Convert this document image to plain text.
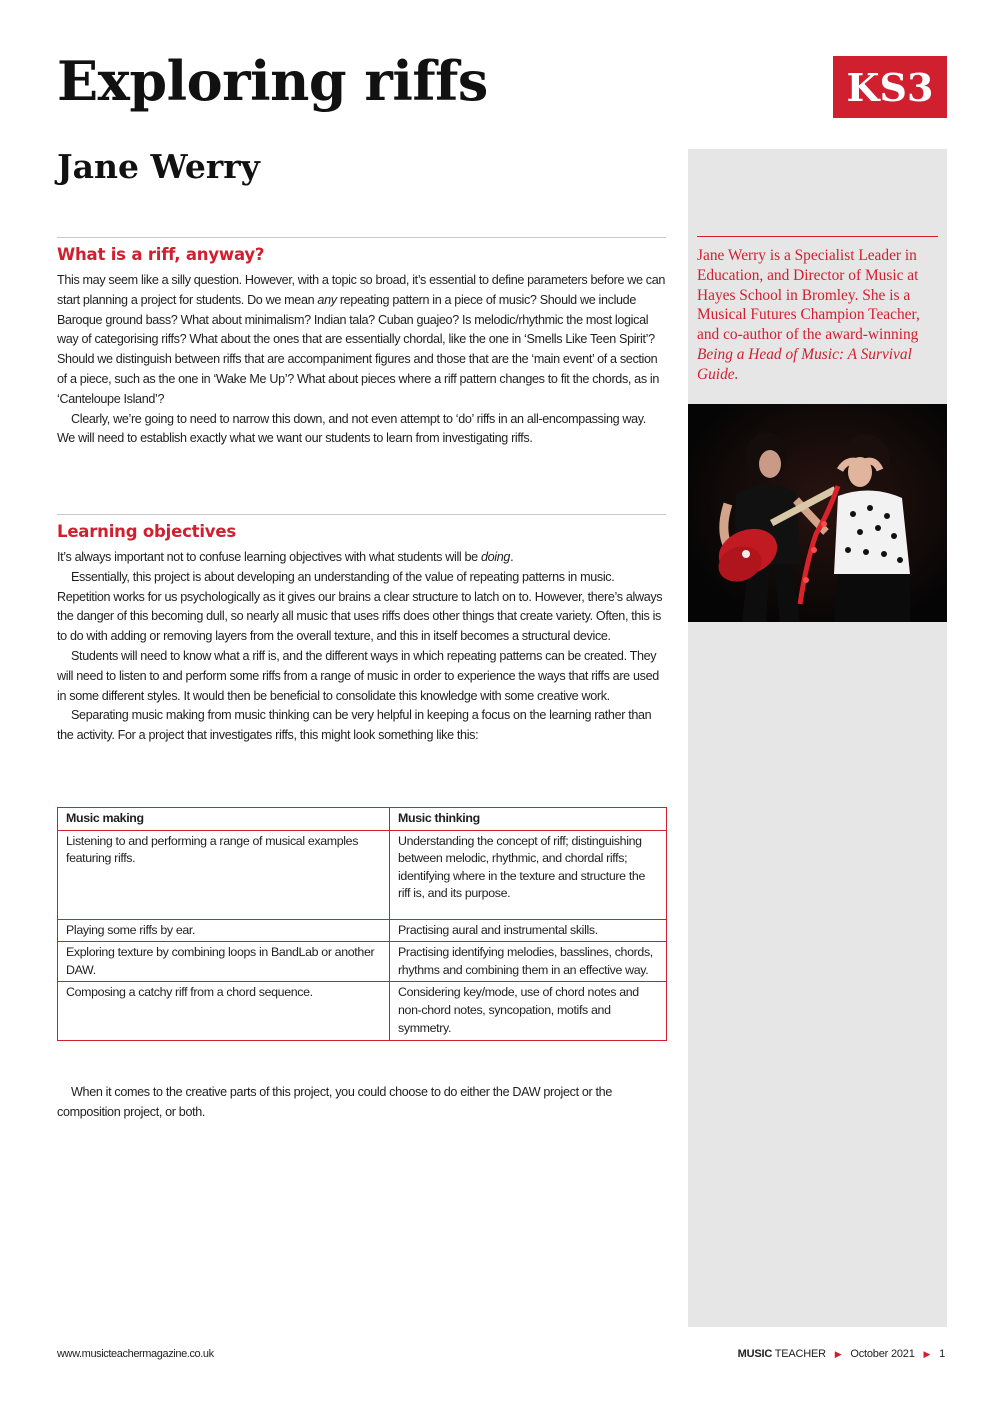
Exploring riffs
Jane Werry
KS3

Jane Werry is a Specialist Leader in Education, and Director of Music at Hayes School in Bromley. She is a Musical Futures Champion Teacher, and co-author of the award-winning Being a Head of Music: A Survival Guide.

What is a riff, anyway?

This may seem like a silly question. However, with a topic so broad, it’s essential to define parameters before we can start planning a project for students. Do we mean any repeating pattern in a piece of music? Should we include Baroque ground bass? What about minimalism? Indian tala? Cuban guajeo? Is melodic/rhythmic the most logical way of categorising riffs? What about the ones that are essentially chordal, like the one in ‘Smells Like Teen Spirit’? Should we distinguish between riffs that are accompaniment figures and those that are the ‘main event’ of a section of a piece, such as the one in ‘Wake Me Up’? What about pieces where a riff pattern changes to fit the chords, as in ‘Canteloupe Island’?

Clearly, we’re going to need to narrow this down, and not even attempt to ‘do’ riffs in an all-encompassing way. We will need to establish exactly what we want our students to learn from investigating riffs.

Learning objectives

It’s always important not to confuse learning objectives with what students will be doing.

Essentially, this project is about developing an understanding of the value of repeating patterns in music. Repetition works for us psychologically as it gives our brains a clear structure to latch on to. However, there’s always the danger of this becoming dull, so nearly all music that uses riffs does other things that create variety. Often, this is to do with adding or removing layers from the overall texture, and this in itself becomes a structural device.

Students will need to know what a riff is, and the different ways in which repeating patterns can be created. They will need to listen to and perform some riffs from a range of music in order to experience the ways that riffs are used in some different styles. It would then be beneficial to consolidate this knowledge with some creative work.

Separating music making from music thinking can be very helpful in keeping a focus on the learning rather than the activity. For a project that investigates riffs, this might look something like this:

Music making	Music thinking
Listening to and performing a range of musical examples featuring riffs.	Understanding the concept of riff; distinguishing between melodic, rhythmic, and chordal riffs; identifying where in the texture and structure the riff is, and its purpose.
Playing some riffs by ear.	Practising aural and instrumental skills.
Exploring texture by combining loops in BandLab or another DAW.	Practising identifying melodies, basslines, chords, rhythms and combining them in an effective way.
Composing a catchy riff from a chord sequence.	Considering key/mode, use of chord notes and non-chord notes, syncopation, motifs and symmetry.

When it comes to the creative parts of this project, you could choose to do either the DAW project or the composition project, or both.

www.musicteachermagazine.co.uk	MUSIC TEACHER ▶ October 2021 ▶ 1
